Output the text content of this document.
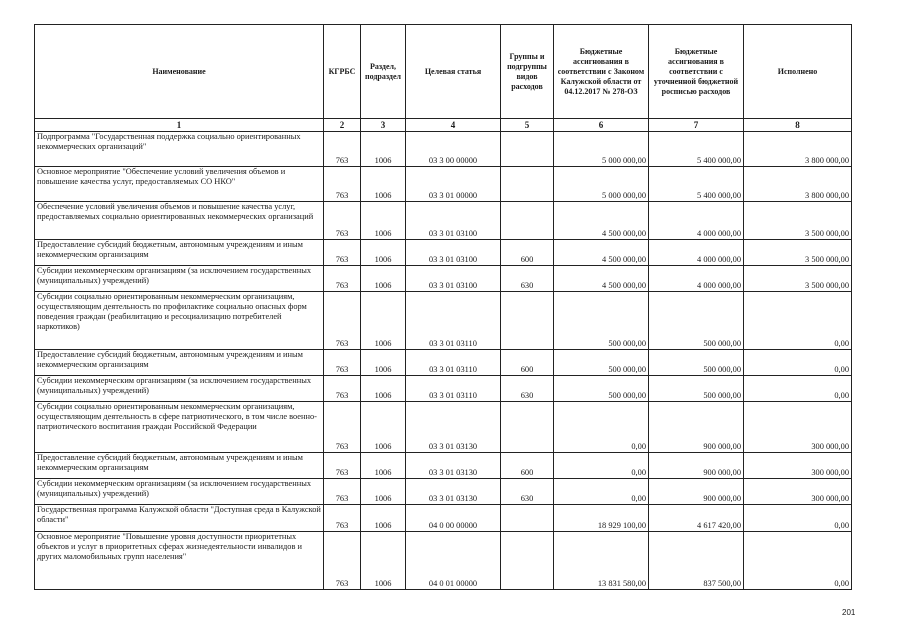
Наименование	КГРБС	Раздел, подраздел	Целевая статья	Группы и подгруппы видов расходов	Бюджетные ассигнования в соответствии с Законом Калужской области от 04.12.2017 № 278-ОЗ	Бюджетные ассигнования в соответствии с уточненной бюджетной росписью расходов	Исполнено
1	2	3	4	5	6	7	8
Подпрограмма "Государственная поддержка социально ориентированных некоммерческих организаций"	763	1006	03 3 00 00000		5 000 000,00	5 400 000,00	3 800 000,00
Основное мероприятие "Обеспечение условий увеличения объемов и повышение качества услуг, предоставляемых СО НКО"	763	1006	03 3 01 00000		5 000 000,00	5 400 000,00	3 800 000,00
Обеспечение условий увеличения объемов и повышение качества услуг, предоставляемых социально ориентированных некоммерческих организаций	763	1006	03 3 01 03100		4 500 000,00	4 000 000,00	3 500 000,00
Предоставление субсидий бюджетным, автономным учреждениям и иным некоммерческим организациям	763	1006	03 3 01 03100	600	4 500 000,00	4 000 000,00	3 500 000,00
Субсидии некоммерческим организациям (за исключением государственных (муниципальных) учреждений)	763	1006	03 3 01 03100	630	4 500 000,00	4 000 000,00	3 500 000,00
Субсидии социально ориентированным некоммерческим организациям, осуществляющим деятельность по профилактике социально опасных форм поведения граждан (реабилитацию и ресоциализацию потребителей наркотиков)	763	1006	03 3 01 03110		500 000,00	500 000,00	0,00
Предоставление субсидий бюджетным, автономным учреждениям и иным некоммерческим организациям	763	1006	03 3 01 03110	600	500 000,00	500 000,00	0,00
Субсидии некоммерческим организациям (за исключением государственных (муниципальных) учреждений)	763	1006	03 3 01 03110	630	500 000,00	500 000,00	0,00
Субсидии социально ориентированным некоммерческим организациям, осуществляющим деятельность в сфере патриотического, в том числе военно-патриотического воспитания граждан Российской Федерации	763	1006	03 3 01 03130		0,00	900 000,00	300 000,00
Предоставление субсидий бюджетным, автономным учреждениям и иным некоммерческим организациям	763	1006	03 3 01 03130	600	0,00	900 000,00	300 000,00
Субсидии некоммерческим организациям (за исключением государственных (муниципальных) учреждений)	763	1006	03 3 01 03130	630	0,00	900 000,00	300 000,00
Государственная программа Калужской области "Доступная среда в Калужской области"	763	1006	04 0 00 00000		18 929 100,00	4 617 420,00	0,00
Основное мероприятие "Повышение уровня доступности приоритетных объектов и услуг в приоритетных сферах жизнедеятельности инвалидов и других маломобильных групп населения"	763	1006	04 0 01 00000		13 831 580,00	837 500,00	0,00
201
